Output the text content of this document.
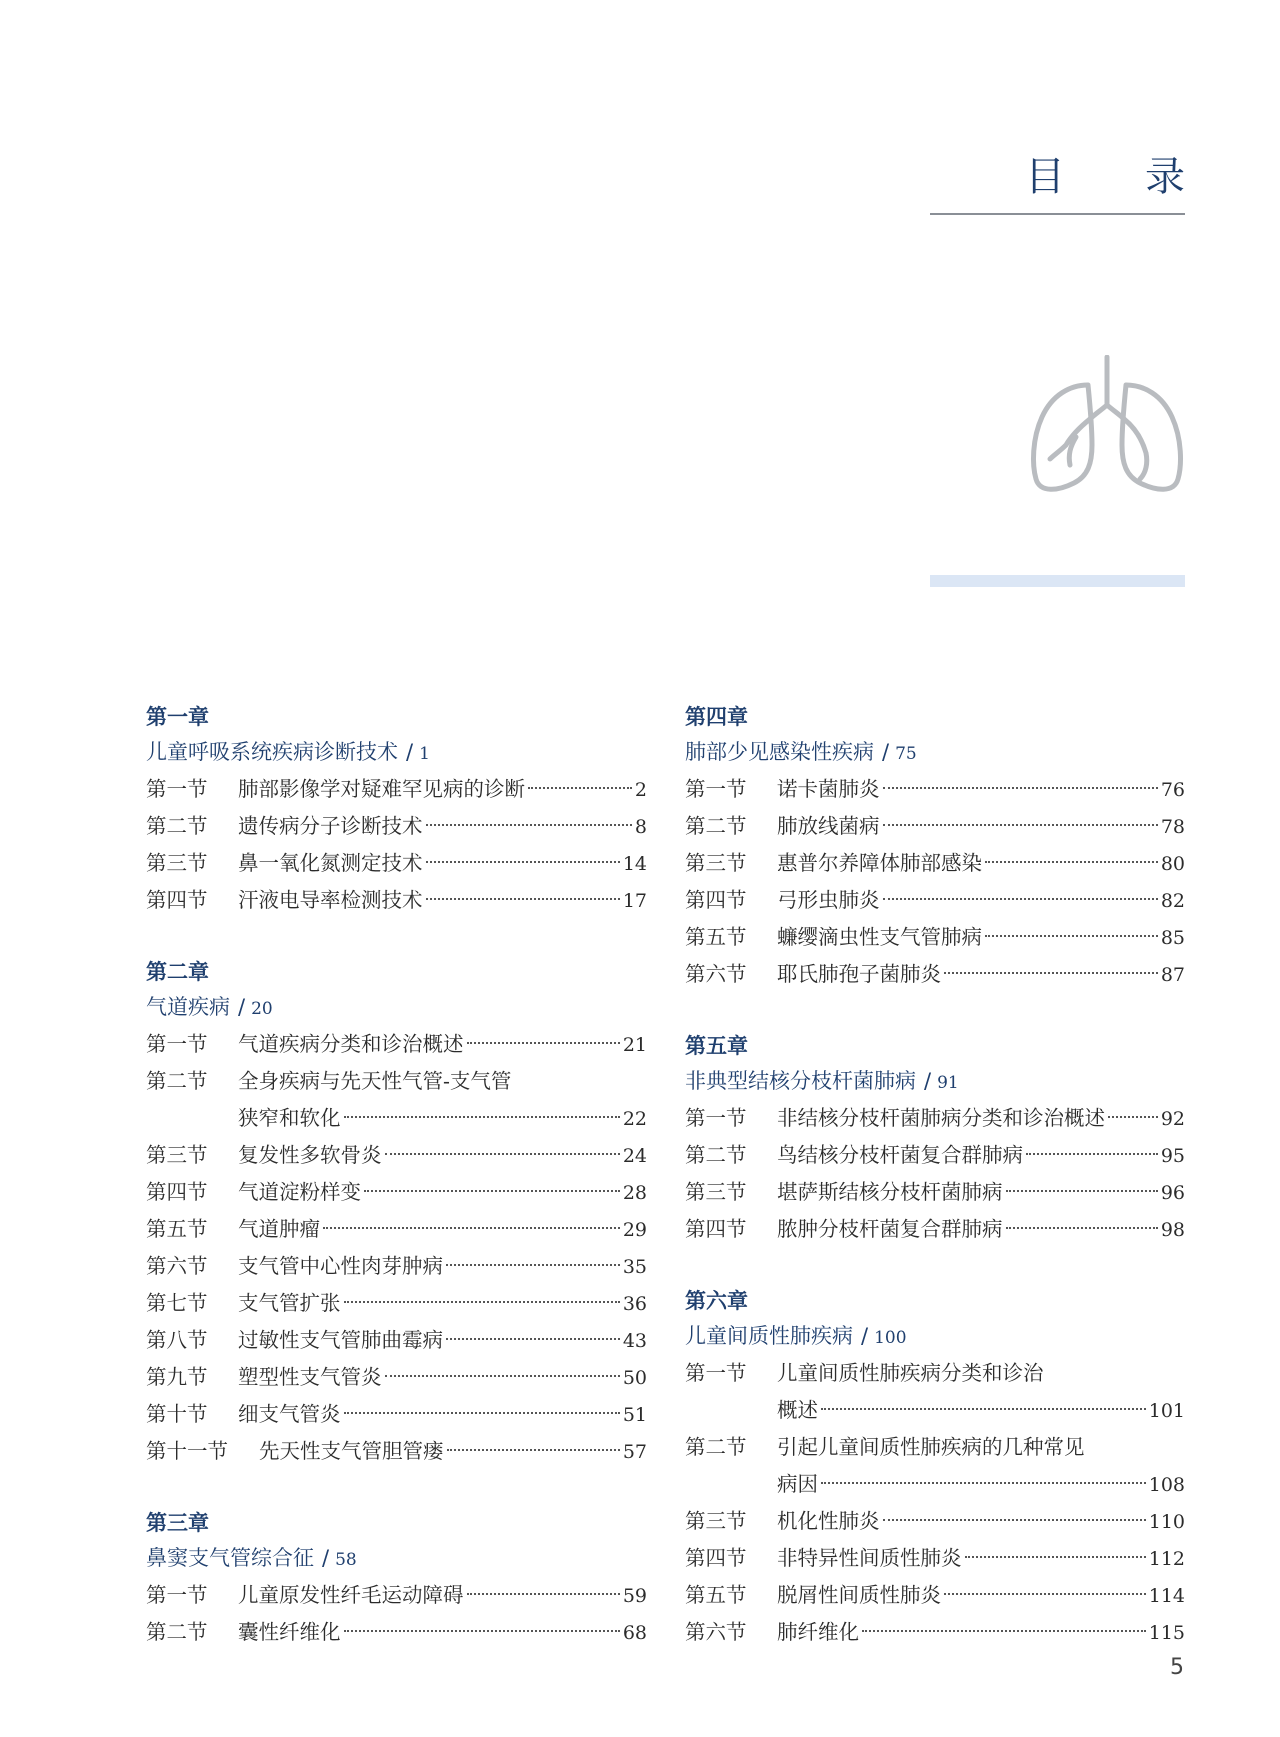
目 录
第一章
儿童呼吸系统疾病诊断技术 / 1
第一节	肺部影像学对疑难罕见病的诊断	2
第二节	遗传病分子诊断技术	8
第三节	鼻一氧化氮测定技术	14
第四节	汗液电导率检测技术	17
第二章
气道疾病 / 20
第一节	气道疾病分类和诊治概述	21
第二节	全身疾病与先天性气管-支气管
狭窄和软化	22
第三节	复发性多软骨炎	24
第四节	气道淀粉样变	28
第五节	气道肿瘤	29
第六节	支气管中心性肉芽肿病	35
第七节	支气管扩张	36
第八节	过敏性支气管肺曲霉病	43
第九节	塑型性支气管炎	50
第十节	细支气管炎	51
第十一节	先天性支气管胆管瘘	57
第三章
鼻窦支气管综合征 / 58
第一节	儿童原发性纤毛运动障碍	59
第二节	囊性纤维化	68
第四章
肺部少见感染性疾病 / 75
第一节	诺卡菌肺炎	76
第二节	肺放线菌病	78
第三节	惠普尔养障体肺部感染	80
第四节	弓形虫肺炎	82
第五节	蠊缨滴虫性支气管肺病	85
第六节	耶氏肺孢子菌肺炎	87
第五章
非典型结核分枝杆菌肺病 / 91
第一节	非结核分枝杆菌肺病分类和诊治概述	92
第二节	鸟结核分枝杆菌复合群肺病	95
第三节	堪萨斯结核分枝杆菌肺病	96
第四节	脓肿分枝杆菌复合群肺病	98
第六章
儿童间质性肺疾病 / 100
第一节	儿童间质性肺疾病分类和诊治
概述	101
第二节	引起儿童间质性肺疾病的几种常见
病因	108
第三节	机化性肺炎	110
第四节	非特异性间质性肺炎	112
第五节	脱屑性间质性肺炎	114
第六节	肺纤维化	115
5
